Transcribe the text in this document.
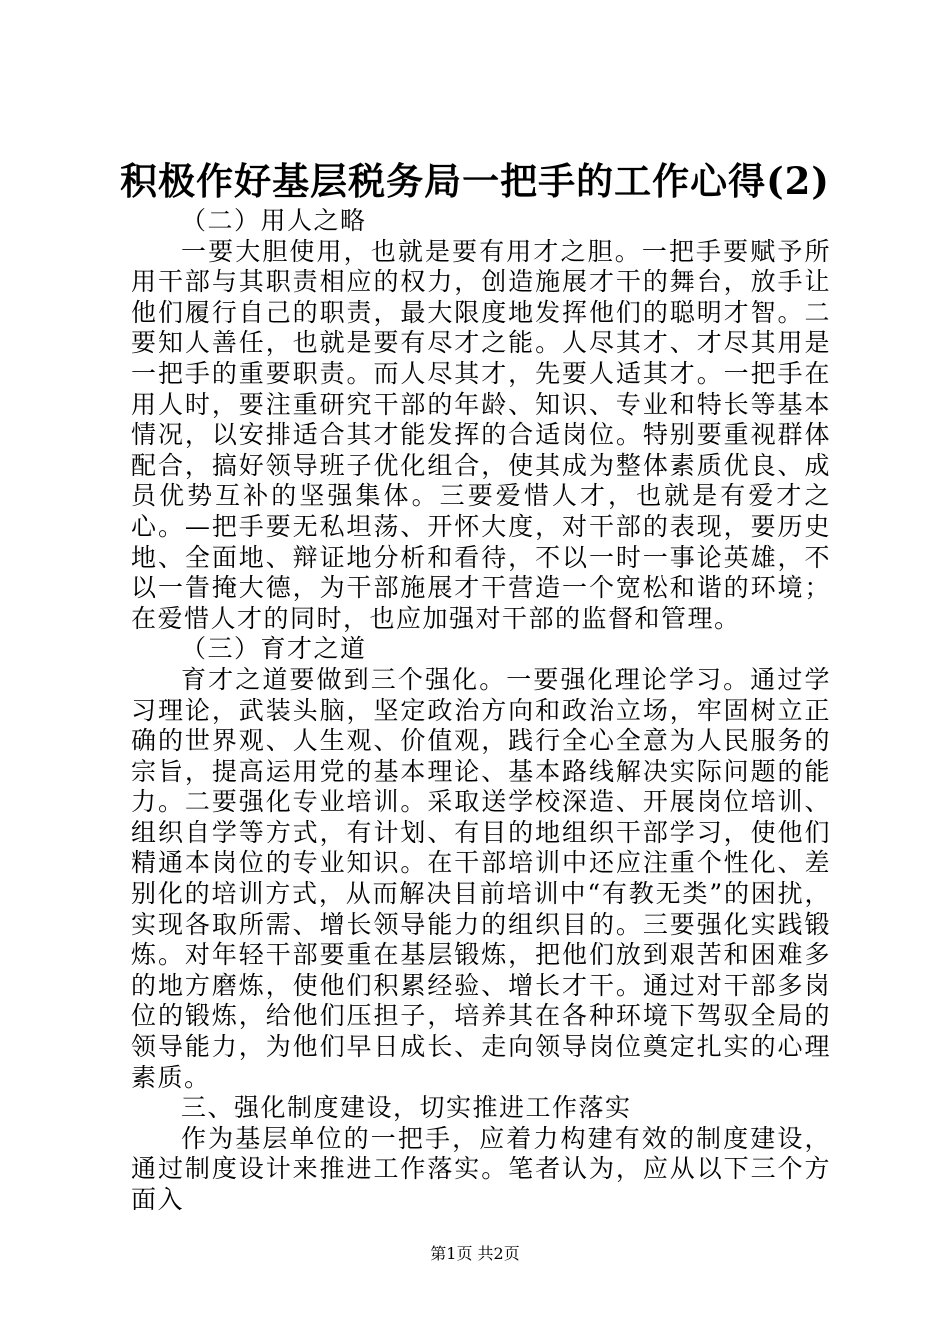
积极作好基层税务局一把手的工作心得(2)

（二）用人之略

一要大胆使用，也就是要有用才之胆。一把手要赋予所用干部与其职责相应的权力，创造施展才干的舞台，放手让他们履行自己的职责，最大限度地发挥他们的聪明才智。二要知人善任，也就是要有尽才之能。人尽其才、才尽其用是一把手的重要职责。而人尽其才，先要人适其才。一把手在用人时，要注重研究干部的年龄、知识、专业和特长等基本情况，以安排适合其才能发挥的合适岗位。特别要重视群体配合，搞好领导班子优化组合，使其成为整体素质优良、成员优势互补的坚强集体。三要爱惜人才，也就是有爱才之心。—把手要无私坦荡、开怀大度，对干部的表现，要历史地、全面地、辩证地分析和看待，不以一时一事论英雄，不以一眚掩大德，为干部施展才干营造一个宽松和谐的环境；在爱惜人才的同时，也应加强对干部的监督和管理。

（三）育才之道

育才之道要做到三个强化。一要强化理论学习。通过学习理论，武装头脑，坚定政治方向和政治立场，牢固树立正确的世界观、人生观、价值观，践行全心全意为人民服务的宗旨，提高运用党的基本理论、基本路线解决实际问题的能力。二要强化专业培训。采取送学校深造、开展岗位培训、组织自学等方式，有计划、有目的地组织干部学习，使他们精通本岗位的专业知识。在干部培训中还应注重个性化、差别化的培训方式，从而解决目前培训中“有教无类”的困扰，实现各取所需、增长领导能力的组织目的。三要强化实践锻炼。对年轻干部要重在基层锻炼，把他们放到艰苦和困难多的地方磨炼，使他们积累经验、增长才干。通过对干部多岗位的锻炼，给他们压担子，培养其在各种环境下驾驭全局的领导能力，为他们早日成长、走向领导岗位奠定扎实的心理素质。

三、强化制度建设，切实推进工作落实

作为基层单位的一把手，应着力构建有效的制度建设，通过制度设计来推进工作落实。笔者认为，应从以下三个方面入

第1页 共2页
